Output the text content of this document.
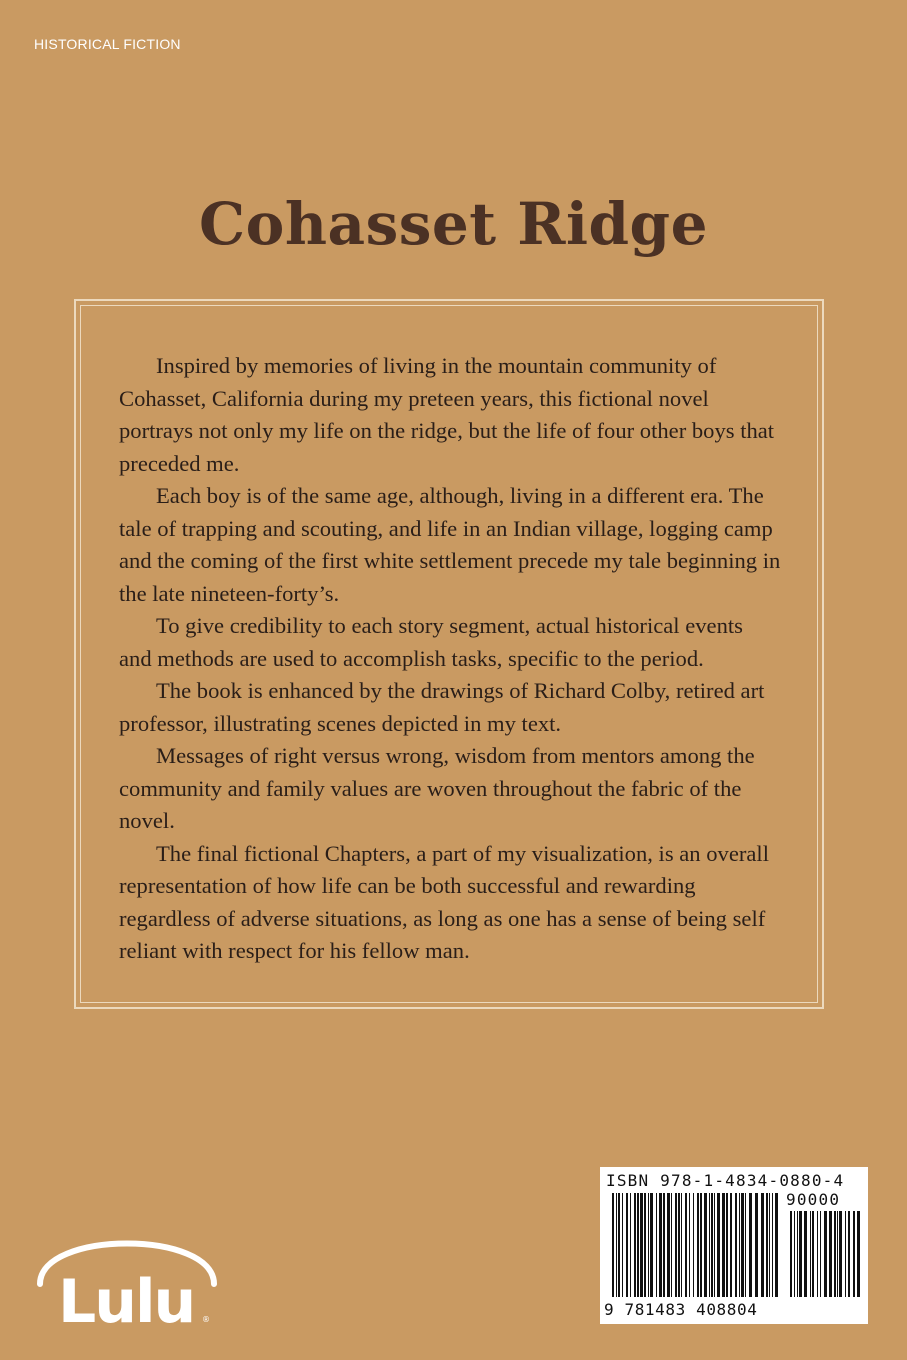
HISTORICAL FICTION
Cohasset Ridge

Inspired by memories of living in the mountain community of Cohasset, California during my preteen years, this fictional novel portrays not only my life on the ridge, but the life of four other boys that preceded me.

Each boy is of the same age, although, living in a different era. The tale of trapping and scouting, and life in an Indian village, logging camp and the coming of the first white settlement precede my tale beginning in the late nineteen-forty’s.

To give credibility to each story segment, actual historical events and methods are used to accomplish tasks, specific to the period.

The book is enhanced by the drawings of Richard Colby, retired art professor, illustrating scenes depicted in my text.

Messages of right versus wrong, wisdom from mentors among the community and family values are woven throughout the fabric of the novel.

The final fictional Chapters, a part of my visualization, is an overall representation of how life can be both successful and rewarding regardless of adverse situations, as long as one has a sense of being self reliant with respect for his fellow man.

ISBN 978-1-4834-0880-4
90000
9 781483 408804
Lulu ®
